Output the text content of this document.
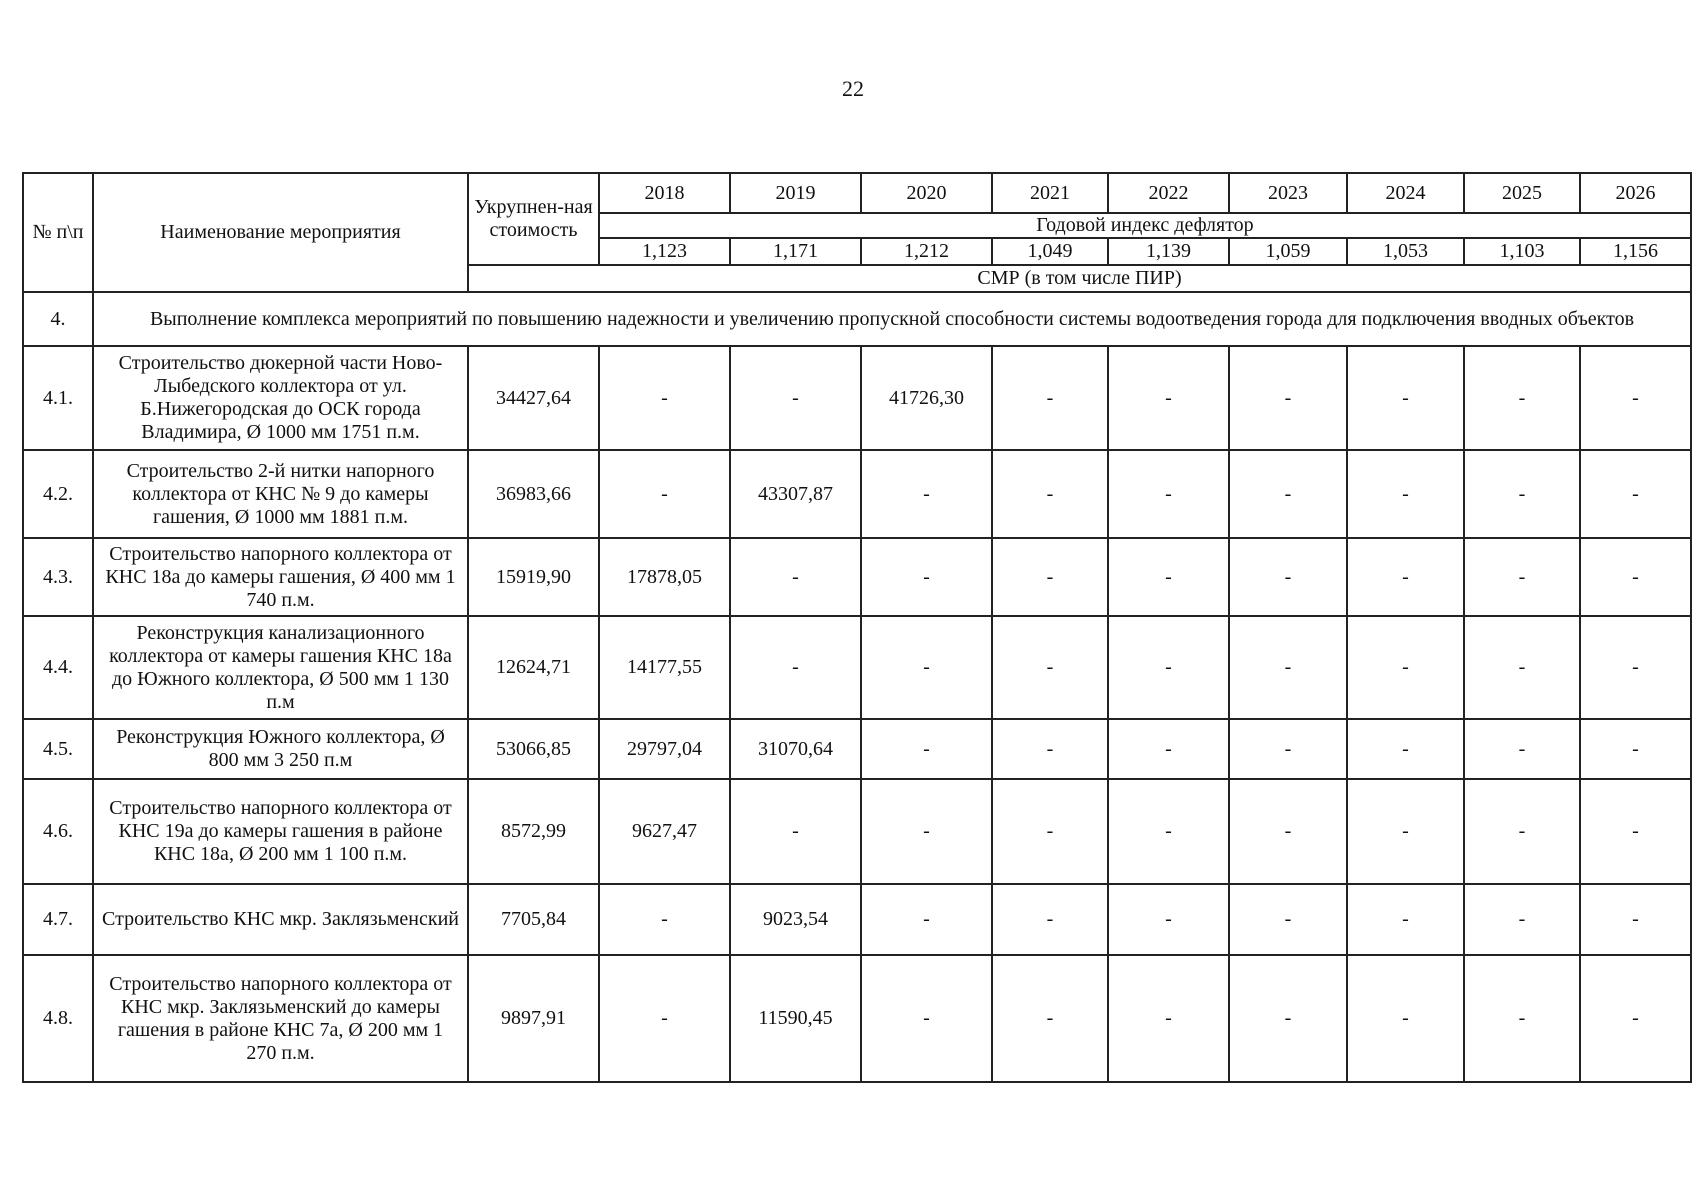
22
№ п\п	Наименование мероприятия	Укрупнен-ная стоимость	2018	2019	2020	2021	2022	2023	2024	2025	2026
			Годовой индекс дефлятор								
			1,123	1,171	1,212	1,049	1,139	1,059	1,053	1,103	1,156
		СМР (в том числе ПИР)									
4.	Выполнение комплекса мероприятий по повышению надежности и увеличению пропускной способности системы водоотведения города для подключения вводных объектов										
4.1.	Строительство дюкерной части Ново-Лыбедского коллектора от ул. Б.Нижегородская до ОСК города Владимира, Ø 1000 мм 1751 п.м.	34427,64	-	-	41726,30	-	-	-	-	-	-
4.2.	Строительство 2-й нитки напорного коллектора от КНС № 9 до камеры гашения, Ø 1000 мм 1881 п.м.	36983,66	-	43307,87	-	-	-	-	-	-	-
4.3.	Строительство напорного коллектора от КНС 18а до камеры гашения, Ø 400 мм 1 740 п.м.	15919,90	17878,05	-	-	-	-	-	-	-	-
4.4.	Реконструкция канализационного коллектора от камеры гашения КНС 18а до Южного коллектора, Ø 500 мм 1 130 п.м	12624,71	14177,55	-	-	-	-	-	-	-	-
4.5.	Реконструкция Южного коллектора, Ø 800 мм 3 250 п.м	53066,85	29797,04	31070,64	-	-	-	-	-	-	-
4.6.	Строительство напорного коллектора от КНС 19а до камеры гашения в районе КНС 18а, Ø 200 мм 1 100 п.м.	8572,99	9627,47	-	-	-	-	-	-	-	-
4.7.	Строительство КНС мкр. Заклязьменский	7705,84	-	9023,54	-	-	-	-	-	-	-
4.8.	Строительство напорного коллектора от КНС мкр. Заклязьменский до камеры гашения в районе КНС 7а, Ø 200 мм 1 270 п.м.	9897,91	-	11590,45	-	-	-	-	-	-	-
